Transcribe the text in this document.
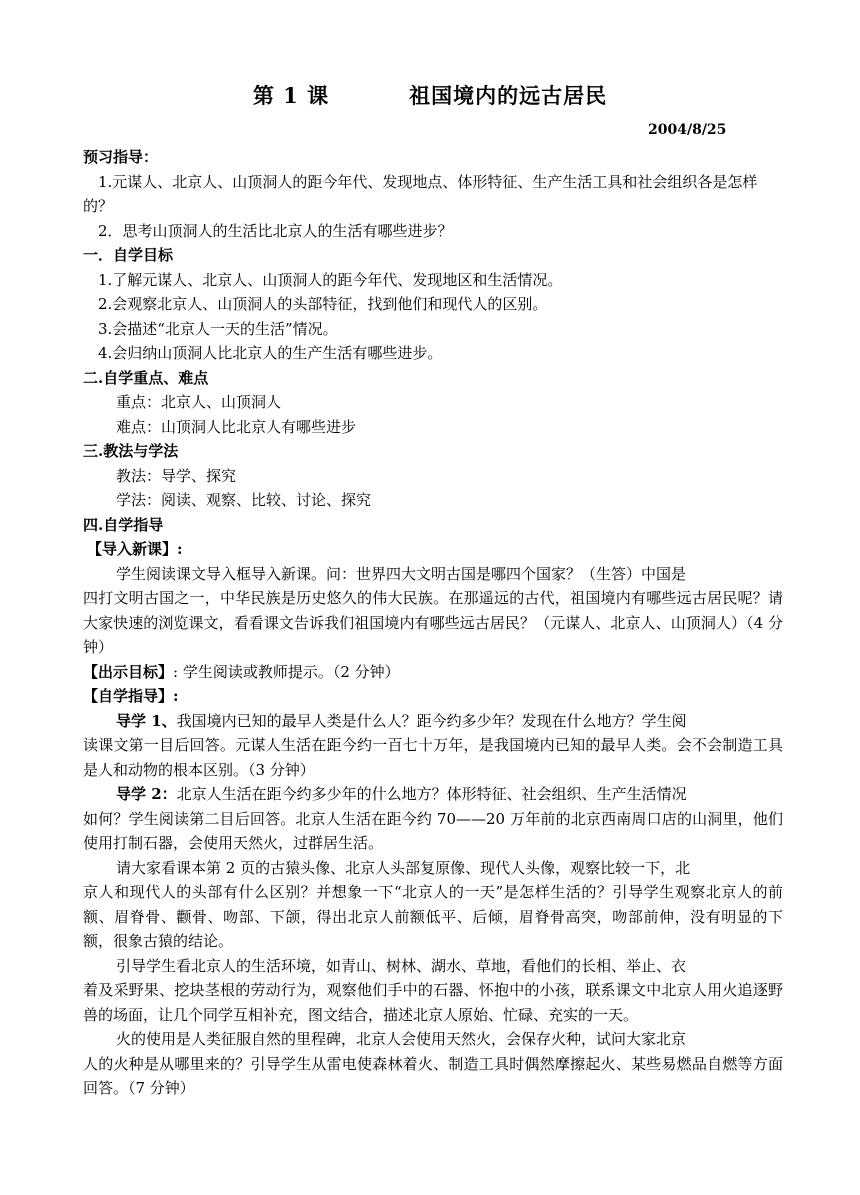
第 1 课	祖国境内的远古居民
2004/8/25
预习指导：
1.元谋人、北京人、山顶洞人的距今年代、发现地点、体形特征、生产生活工具和社会组织各是怎样的？
2．思考山顶洞人的生活比北京人的生活有哪些进步？
一．自学目标
1.了解元谋人、北京人、山顶洞人的距今年代、发现地区和生活情况。
2.会观察北京人、山顶洞人的头部特征，找到他们和现代人的区别。
3.会描述“北京人一天的生活”情况。
4.会归纳山顶洞人比北京人的生产生活有哪些进步。
二.自学重点、难点
重点：北京人、山顶洞人
难点：山顶洞人比北京人有哪些进步
三.教法与学法
教法：导学、探究
学法：阅读、观察、比较、讨论、探究
四.自学指导
【导入新课】:
学生阅读课文导入框导入新课。问：世界四大文明古国是哪四个国家？（生答）中国是
四打文明古国之一，中华民族是历史悠久的伟大民族。在那遥远的古代，祖国境内有哪些远古居民呢？请大家快速的浏览课文，看看课文告诉我们祖国境内有哪些远古居民？（元谋人、北京人、山顶洞人）（4 分钟）
【出示目标】: 学生阅读或教师提示。（2 分钟）
【自学指导】:
导学 1、我国境内已知的最早人类是什么人？距今约多少年？发现在什么地方？学生阅
读课文第一目后回答。元谋人生活在距今约一百七十万年，是我国境内已知的最早人类。会不会制造工具是人和动物的根本区别。（3 分钟）
导学 2：北京人生活在距今约多少年的什么地方？体形特征、社会组织、生产生活情况
如何？学生阅读第二目后回答。北京人生活在距今约 70——20 万年前的北京西南周口店的山洞里，他们使用打制石器，会使用天然火，过群居生活。
请大家看课本第 2 页的古猿头像、北京人头部复原像、现代人头像，观察比较一下，北
京人和现代人的头部有什么区别？并想象一下“北京人的一天”是怎样生活的？引导学生观察北京人的前额、眉脊骨、颧骨、吻部、下颌，得出北京人前额低平、后倾，眉脊骨高突，吻部前伸，没有明显的下额，很象古猿的结论。
引导学生看北京人的生活环境，如青山、树林、湖水、草地，看他们的长相、举止、衣
着及采野果、挖块茎根的劳动行为，观察他们手中的石器、怀抱中的小孩，联系课文中北京人用火追逐野兽的场面，让几个同学互相补充，图文结合，描述北京人原始、忙碌、充实的一天。
火的使用是人类征服自然的里程碑，北京人会使用天然火，会保存火种，试问大家北京
人的火种是从哪里来的？引导学生从雷电使森林着火、制造工具时偶然摩擦起火、某些易燃品自燃等方面回答。（7 分钟）
